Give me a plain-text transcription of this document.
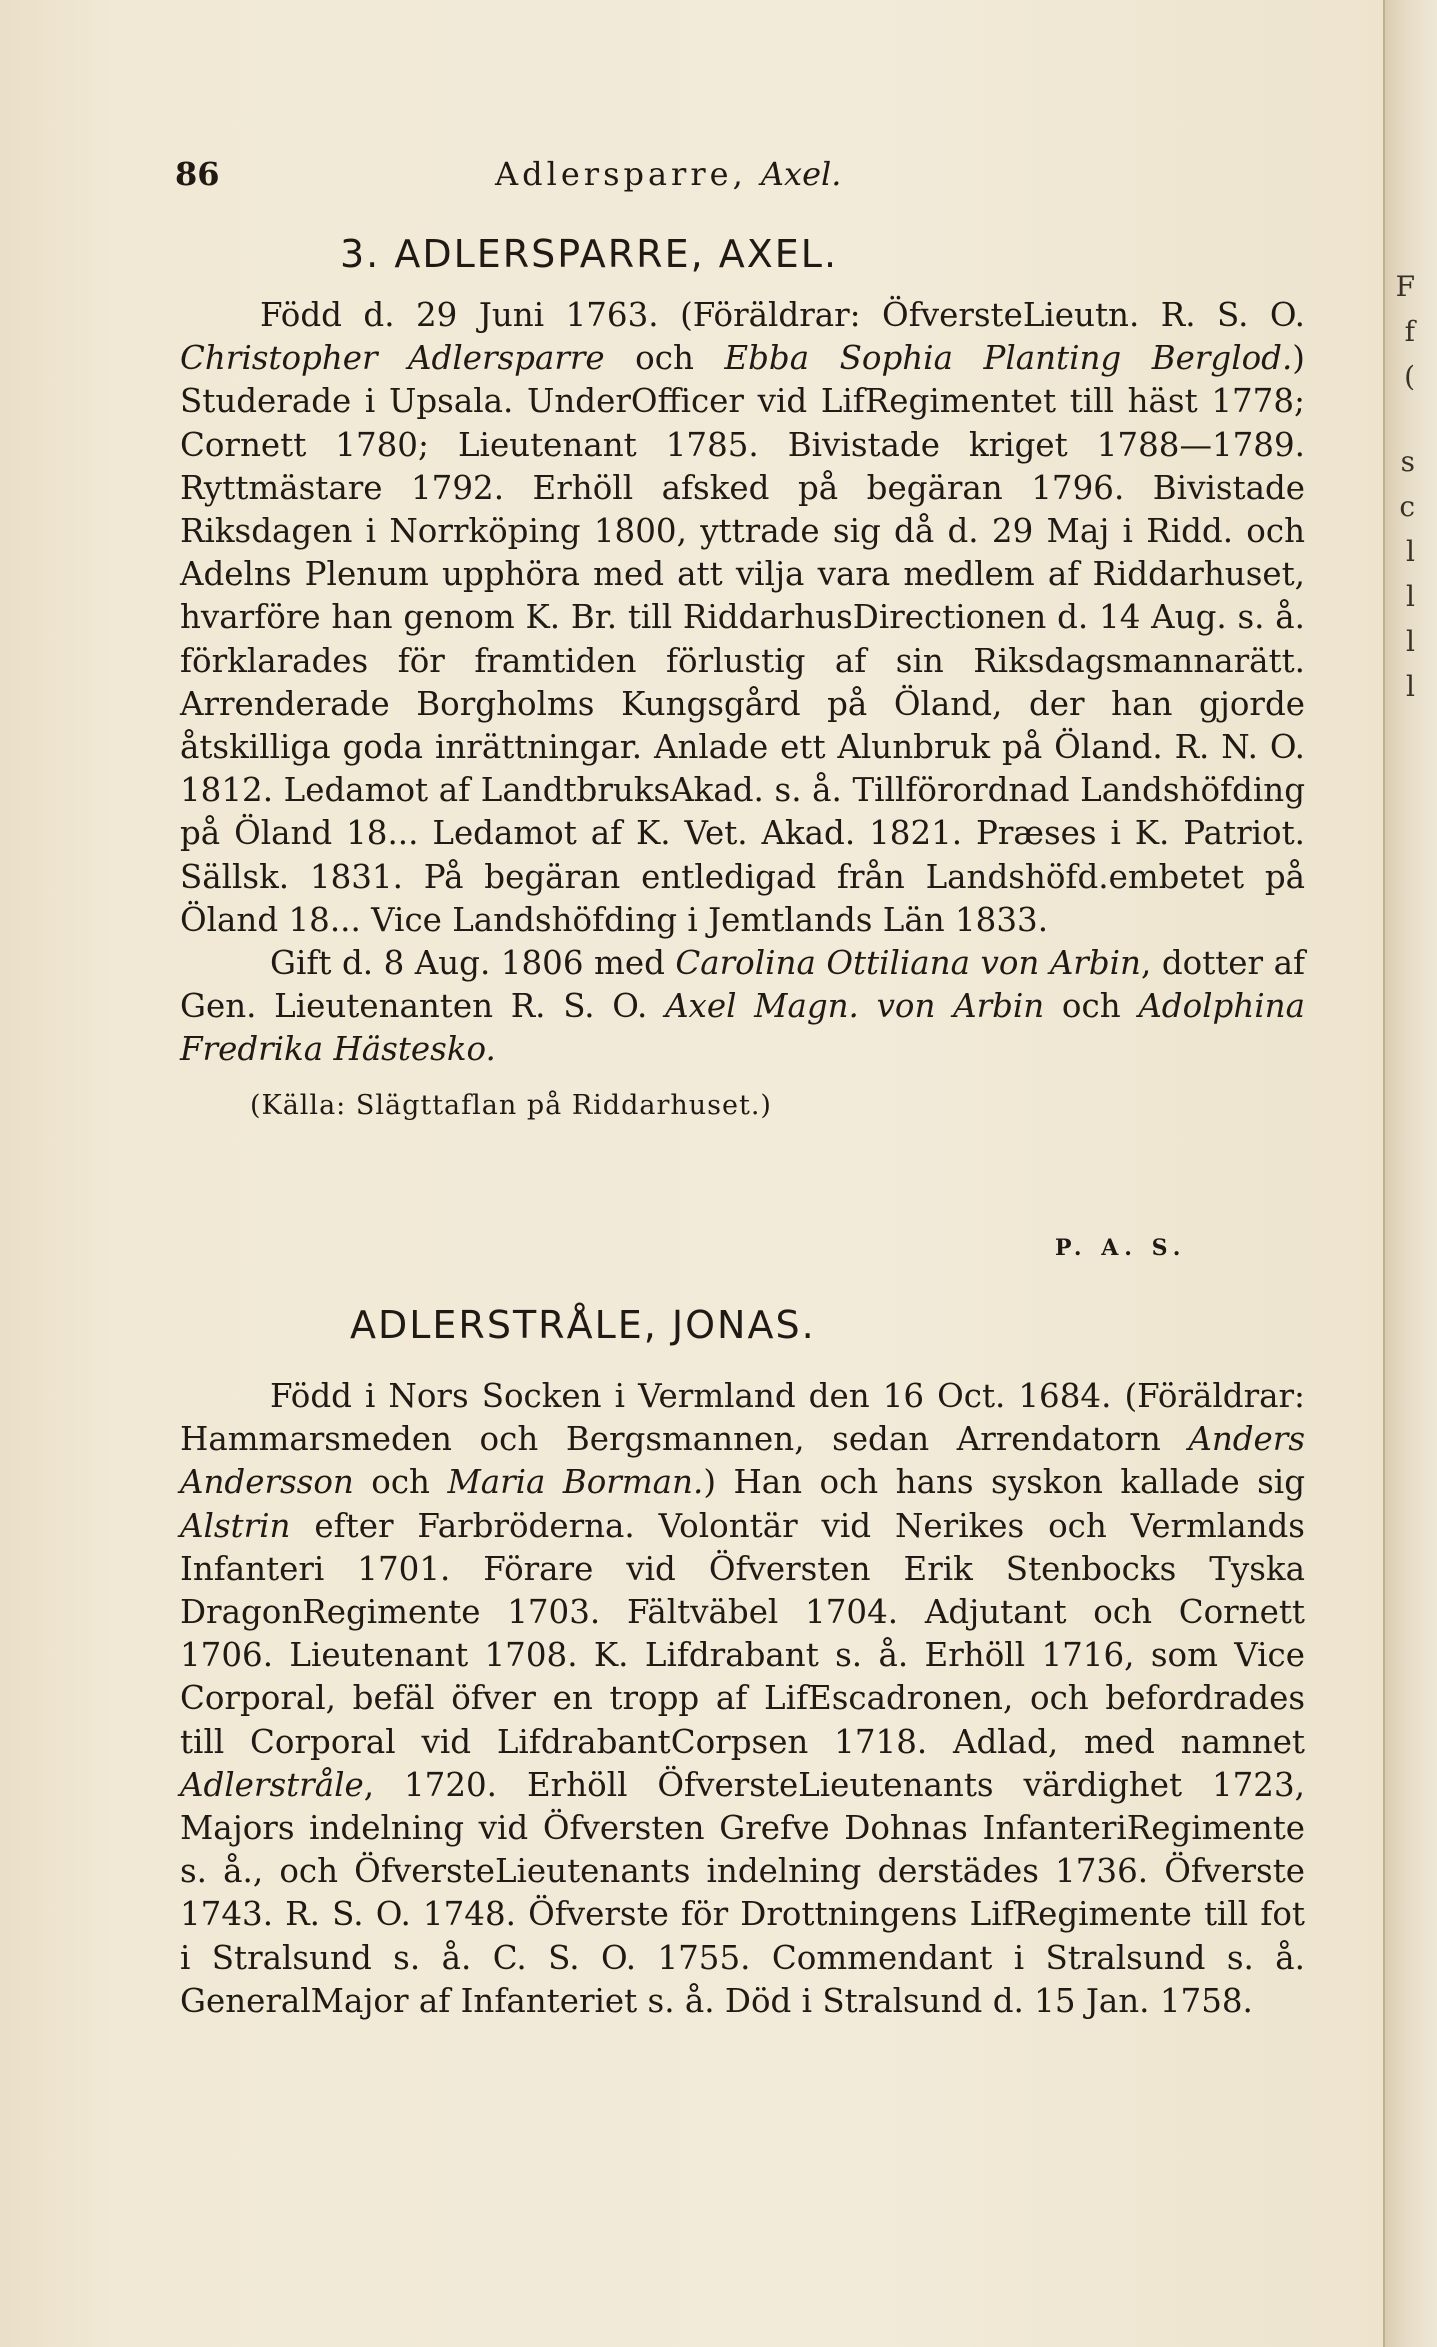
F
f
(
s
c
l
l
l
l
86	Adlersparre, Axel.
3. ADLERSPARRE, AXEL.

Född d. 29 Juni 1763. (Föräldrar: ÖfversteLieutn. R. S. O. Christopher Adlersparre och Ebba Sophia Planting Berglod.) Studerade i Upsala. UnderOfficer vid LifRegimentet till häst 1778; Cornett 1780; Lieutenant 1785. Bivistade kriget 1788—1789. Ryttmästare 1792. Erhöll afsked på begäran 1796. Bivistade Riksdagen i Norrköping 1800, yttrade sig då d. 29 Maj i Ridd. och Adelns Plenum upphöra med att vilja vara medlem af Riddarhuset, hvarföre han genom K. Br. till RiddarhusDirectionen d. 14 Aug. s. å. förklarades för framtiden förlustig af sin Riksdagsmannarätt. Arrenderade Borgholms Kungsgård på Öland, der han gjorde åtskilliga goda inrättningar. Anlade ett Alunbruk på Öland. R. N. O. 1812. Ledamot af LandtbruksAkad. s. å. Tillförordnad Landshöfding på Öland 18... Ledamot af K. Vet. Akad. 1821. Præses i K. Patriot. Sällsk. 1831. På begäran entledigad från Landshöfd.embetet på Öland 18... Vice Landshöfding i Jemtlands Län 1833.

Gift d. 8 Aug. 1806 med Carolina Ottiliana von Arbin, dotter af Gen. Lieutenanten R. S. O. Axel Magn. von Arbin och Adolphina Fredrika Hästesko.

(Källa: Slägttaflan på Riddarhuset.)

P. A. S.
ADLERSTRÅLE, JONAS.

Född i Nors Socken i Vermland den 16 Oct. 1684. (Föräldrar: Hammarsmeden och Bergsmannen, sedan Arrendatorn Anders Andersson och Maria Borman.) Han och hans syskon kallade sig Alstrin efter Farbröderna. Volontär vid Nerikes och Vermlands Infanteri 1701. Förare vid Öfversten Erik Stenbocks Tyska DragonRegimente 1703. Fältväbel 1704. Adjutant och Cornett 1706. Lieutenant 1708. K. Lifdrabant s. å. Erhöll 1716, som Vice Corporal, befäl öfver en tropp af LifEscadronen, och befordrades till Corporal vid LifdrabantCorpsen 1718. Adlad, med namnet Adlerstråle, 1720. Erhöll ÖfversteLieutenants värdighet 1723, Majors indelning vid Öfversten Grefve Dohnas InfanteriRegimente s. å., och ÖfversteLieutenants indelning derstädes 1736. Öfverste 1743. R. S. O. 1748. Öfverste för Drottningens LifRegimente till fot i Stralsund s. å. C. S. O. 1755. Commendant i Stralsund s. å. GeneralMajor af Infanteriet s. å. Död i Stralsund d. 15 Jan. 1758.
